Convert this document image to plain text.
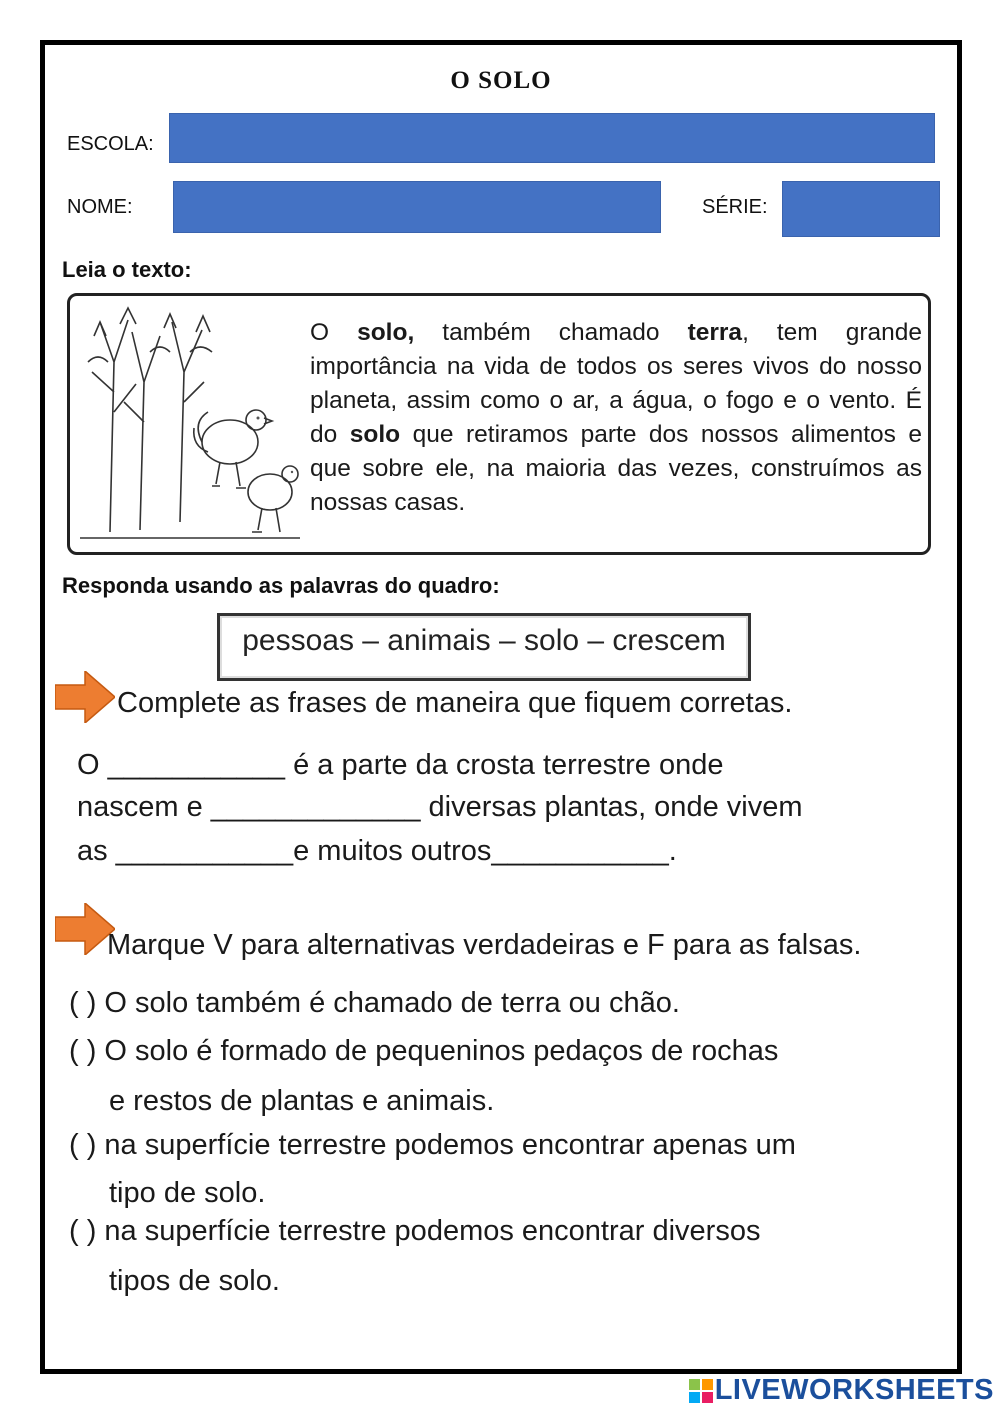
O SOLO
ESCOLA:
NOME:	SÉRIE:
Leia o texto:
O solo, também chamado terra, tem grande importância na vida de todos os seres vivos do nosso planeta, assim como o ar, a água, o fogo e o vento. É do solo que retiramos parte dos nossos alimentos e que sobre ele, na maioria das vezes, construímos as nossas casas.
Responda usando as palavras do quadro:
pessoas – animais – solo – crescem
Complete as frases de maneira que fiquem corretas.
O ___________ é a parte da crosta terrestre onde
nascem e _____________ diversas plantas, onde vivem
as ___________e muitos outros___________.
Marque V para alternativas verdadeiras e F para as falsas.
( ) O solo também é chamado de terra ou chão.
( ) O solo é formado de pequeninos pedaços de rochas
e restos de plantas e animais.
( ) na superfície terrestre podemos encontrar apenas um
tipo de solo.
( ) na superfície terrestre podemos encontrar diversos
tipos de solo.
LIVEWORKSHEETS
